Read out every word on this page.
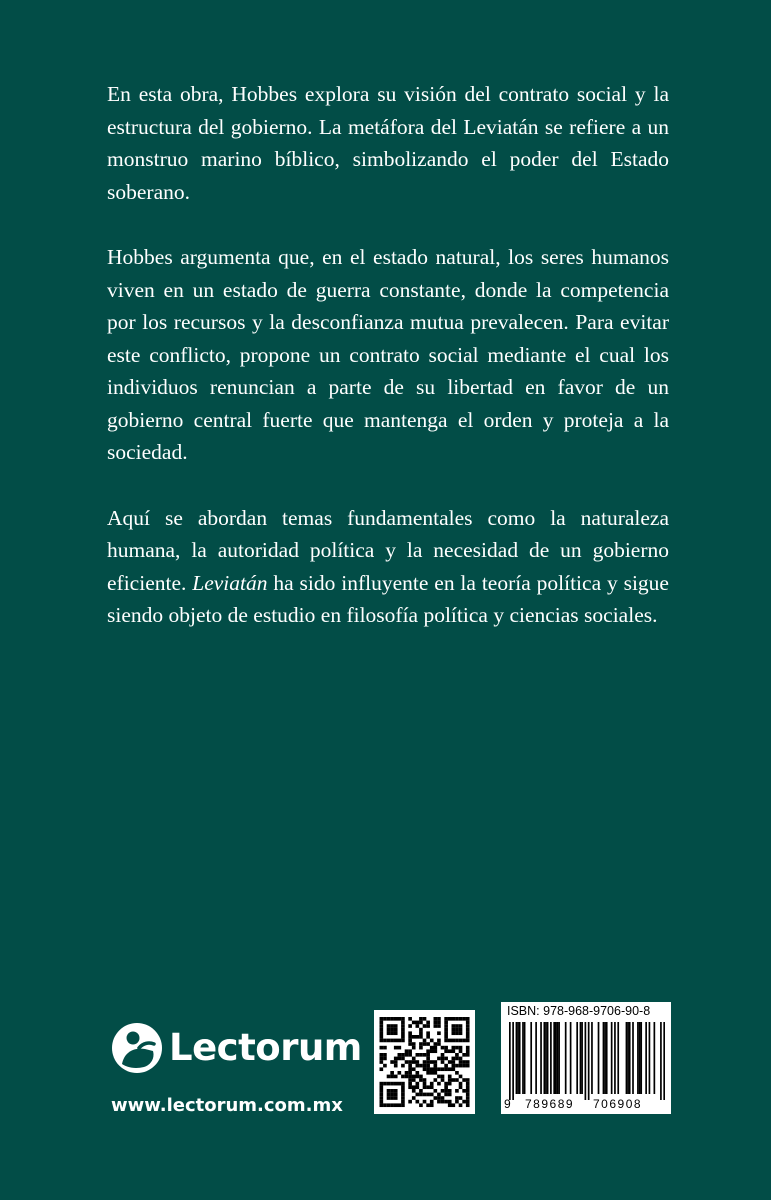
En esta obra, Hobbes explora su visión del contrato social y la estructura del gobierno. La metáfora del Leviatán se refiere a un monstruo marino bíblico, simbolizando el poder del Estado soberano.

Hobbes argumenta que, en el estado natural, los seres humanos viven en un estado de guerra constante, donde la competencia por los recursos y la desconfianza mutua prevalecen. Para evitar este conflicto, propone un contrato social mediante el cual los individuos renuncian a parte de su libertad en favor de un gobierno central fuerte que mantenga el orden y proteja a la sociedad.

Aquí se abordan temas fundamentales como la naturaleza humana, la autoridad política y la necesidad de un gobierno eficiente. Leviatán ha sido influyente en la teoría política y sigue siendo objeto de estudio en filosofía política y ciencias sociales.

Lectorum
www.lectorum.com.mx
ISBN: 978-968-9706-90-8
9 789689 706908
